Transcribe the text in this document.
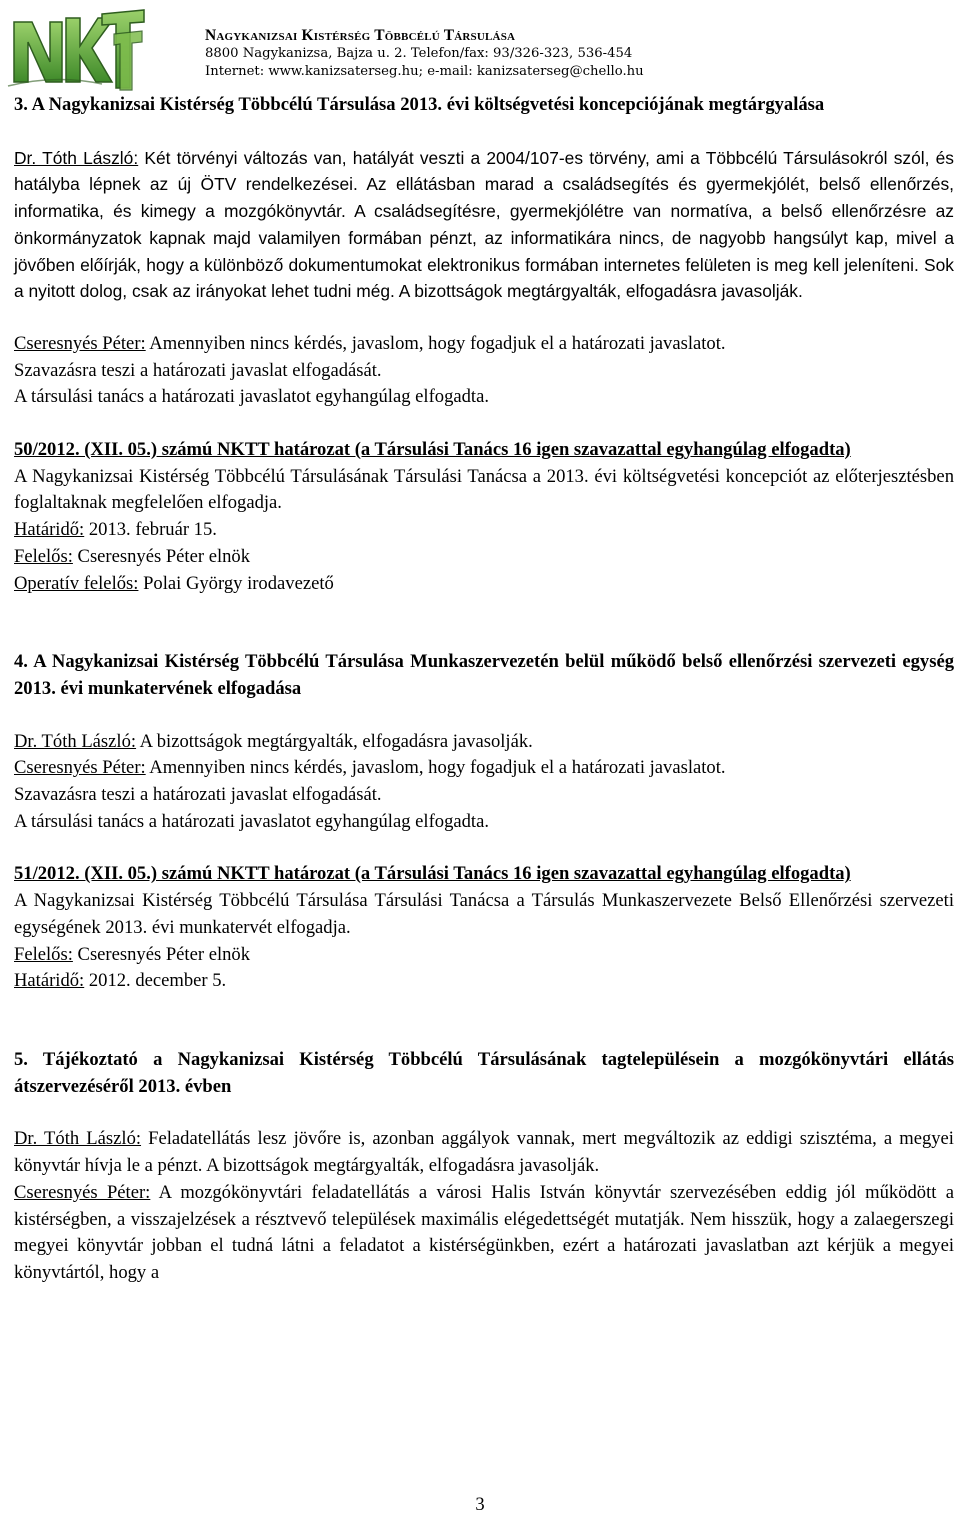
Nagykanizsai Kistérség Többcélú Társulása
8800 Nagykanizsa, Bajza u. 2. Telefon/fax: 93/326-323, 536-454
Internet: www.kanizsaterseg.hu; e-mail: kanizsaterseg@chello.hu

3. A Nagykanizsai Kistérség Többcélú Társulása 2013. évi költségvetési koncepciójának megtárgyalása

Dr. Tóth László: Két törvényi változás van, hatályát veszti a 2004/107-es törvény, ami a Többcélú Társulásokról szól, és hatályba lépnek az új ÖTV rendelkezései. Az ellátásban marad a családsegítés és gyermekjólét, belső ellenőrzés, informatika, és kimegy a mozgókönyvtár. A családsegítésre, gyermekjólétre van normatíva, a belső ellenőrzésre az önkormányzatok kapnak majd valamilyen formában pénzt, az informatikára nincs, de nagyobb hangsúlyt kap, mivel a jövőben előírják, hogy a különböző dokumentumokat elektronikus formában internetes felületen is meg kell jeleníteni. Sok a nyitott dolog, csak az irányokat lehet tudni még. A bizottságok megtárgyalták, elfogadásra javasolják.

Cseresnyés Péter: Amennyiben nincs kérdés, javaslom, hogy fogadjuk el a határozati javaslatot.

Szavazásra teszi a határozati javaslat elfogadását.

A társulási tanács a határozati javaslatot egyhangúlag elfogadta.

50/2012. (XII. 05.) számú NKTT határozat (a Társulási Tanács 16 igen szavazattal egyhangúlag elfogadta)

A Nagykanizsai Kistérség Többcélú Társulásának Társulási Tanácsa a 2013. évi költségvetési koncepciót az előterjesztésben foglaltaknak megfelelően elfogadja.

Határidő: 2013. február 15.

Felelős: Cseresnyés Péter elnök

Operatív felelős: Polai György irodavezető

4. A Nagykanizsai Kistérség Többcélú Társulása Munkaszervezetén belül működő belső ellenőrzési szervezeti egység 2013. évi munkatervének elfogadása

Dr. Tóth László: A bizottságok megtárgyalták, elfogadásra javasolják.

Cseresnyés Péter: Amennyiben nincs kérdés, javaslom, hogy fogadjuk el a határozati javaslatot.

Szavazásra teszi a határozati javaslat elfogadását.

A társulási tanács a határozati javaslatot egyhangúlag elfogadta.

51/2012. (XII. 05.) számú NKTT határozat (a Társulási Tanács 16 igen szavazattal egyhangúlag elfogadta)

A Nagykanizsai Kistérség Többcélú Társulása Társulási Tanácsa a Társulás Munkaszervezete Belső Ellenőrzési szervezeti egységének 2013. évi munkatervét elfogadja.

Felelős: Cseresnyés Péter elnök

Határidő: 2012. december 5.

5. Tájékoztató a Nagykanizsai Kistérség Többcélú Társulásának tagtelepülésein a mozgókönyvtári ellátás átszervezéséről 2013. évben

Dr. Tóth László: Feladatellátás lesz jövőre is, azonban aggályok vannak, mert megváltozik az eddigi szisztéma, a megyei könyvtár hívja le a pénzt. A bizottságok megtárgyalták, elfogadásra javasolják.

Cseresnyés Péter: A mozgókönyvtári feladatellátás a városi Halis István könyvtár szervezésében eddig jól működött a kistérségben, a visszajelzések a résztvevő települések maximális elégedettségét mutatják. Nem hisszük, hogy a zalaegerszegi megyei könyvtár jobban el tudná látni a feladatot a kistérségünkben, ezért a határozati javaslatban azt kérjük a megyei könyvtártól, hogy a

3
